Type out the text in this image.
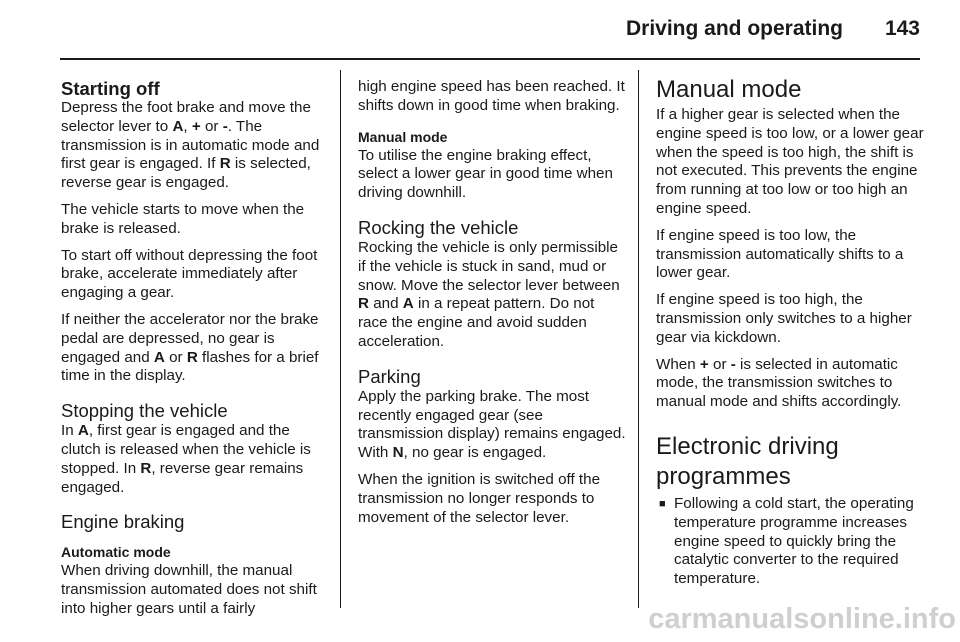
Driving and operating 143
Starting off

Depress the foot brake and move the selector lever to A, + or -. The transmission is in automatic mode and first gear is engaged. If R is selected, reverse gear is engaged.

The vehicle starts to move when the brake is released.

To start off without depressing the foot brake, accelerate immediately after engaging a gear.

If neither the accelerator nor the brake pedal are depressed, no gear is engaged and A or R flashes for a brief time in the display.

Stopping the vehicle

In A, first gear is engaged and the clutch is released when the vehicle is stopped. In R, reverse gear remains engaged.

Engine braking
Automatic mode

When driving downhill, the manual transmission automated does not shift into higher gears until a fairly

high engine speed has been reached. It shifts down in good time when braking.

Manual mode

To utilise the engine braking effect, select a lower gear in good time when driving downhill.

Rocking the vehicle

Rocking the vehicle is only permissible if the vehicle is stuck in sand, mud or snow. Move the selector lever between R and A in a repeat pattern. Do not race the engine and avoid sudden acceleration.

Parking

Apply the parking brake. The most recently engaged gear (see transmission display) remains engaged. With N, no gear is engaged.

When the ignition is switched off the transmission no longer responds to movement of the selector lever.

Manual mode

If a higher gear is selected when the engine speed is too low, or a lower gear when the speed is too high, the shift is not executed. This prevents the engine from running at too low or too high an engine speed.

If engine speed is too low, the transmission automatically shifts to a lower gear.

If engine speed is too high, the transmission only switches to a higher gear via kickdown.

When + or - is selected in automatic mode, the transmission switches to manual mode and shifts accordingly.

Electronic driving programmes
■ Following a cold start, the operating temperature programme increases engine speed to quickly bring the catalytic converter to the required temperature.
carmanualsonline.info
